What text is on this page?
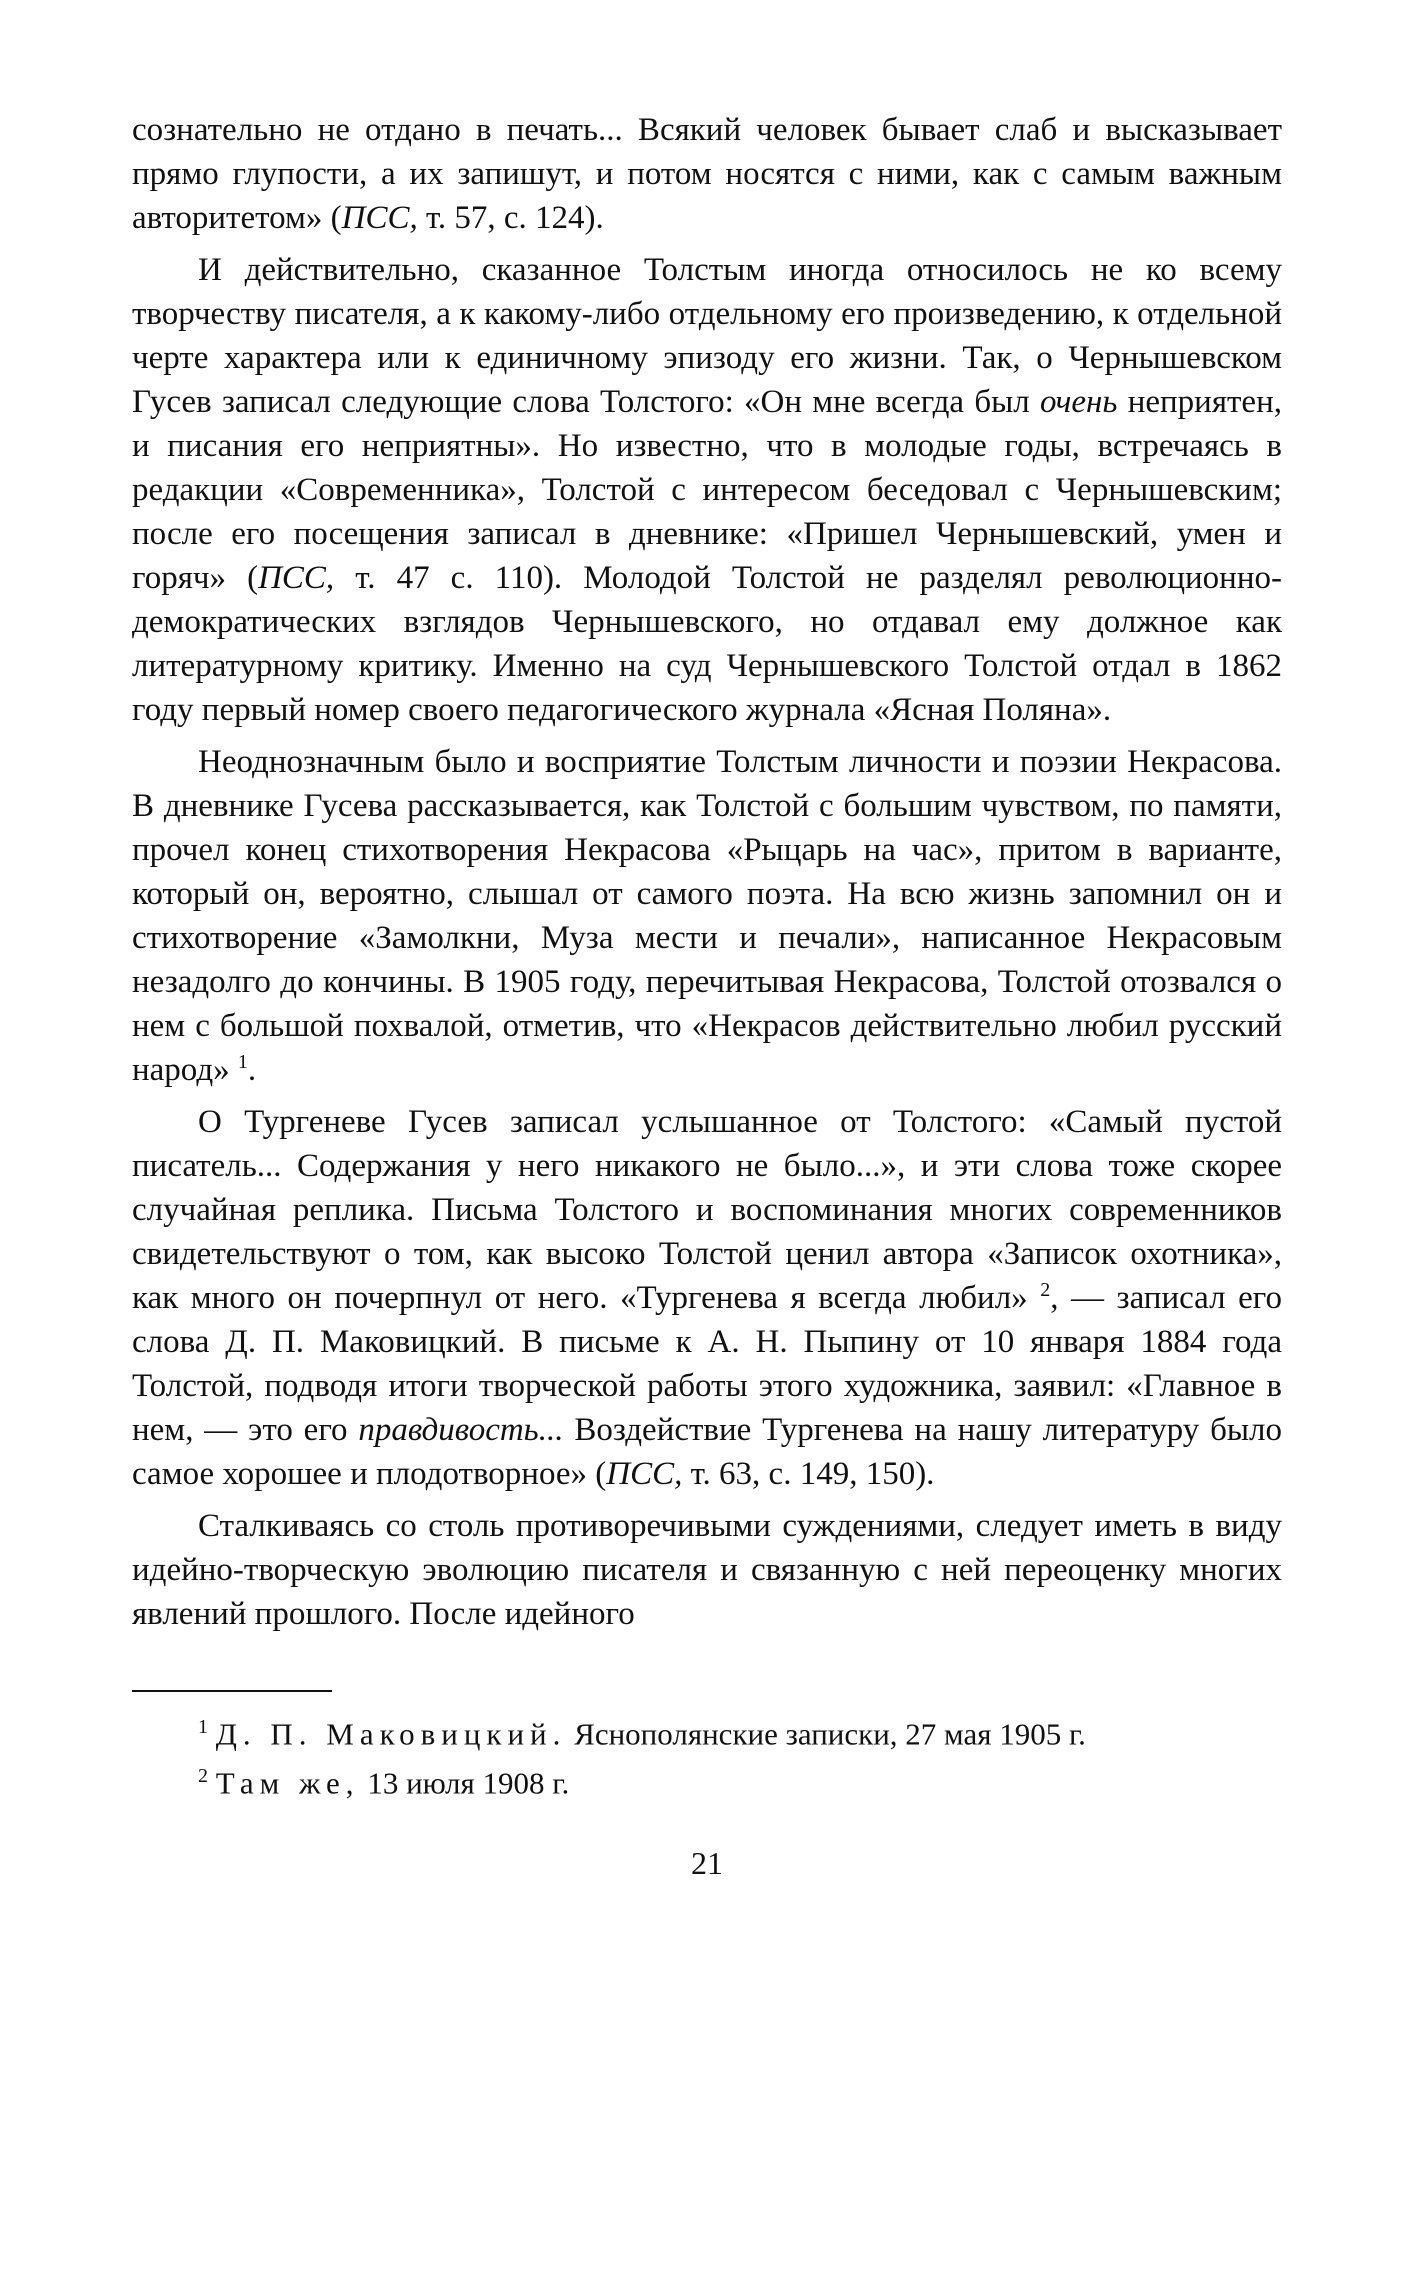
сознательно не отдано в печать... Всякий человек бывает слаб и высказывает прямо глупости, а их запишут, и потом носятся с ними, как с самым важным авторитетом» (ПСС, т. 57, с. 124).

И действительно, сказанное Толстым иногда относилось не ко всему творчеству писателя, а к какому-либо отдельному его произведению, к отдельной черте характера или к единичному эпизоду его жизни. Так, о Чернышевском Гусев записал следующие слова Толстого: «Он мне всегда был очень неприятен, и писания его неприятны». Но известно, что в молодые годы, встречаясь в редакции «Современника», Толстой с интересом беседовал с Чернышевским; после его посещения записал в дневнике: «Пришел Чернышевский, умен и горяч» (ПСС, т. 47 с. 110). Молодой Толстой не разделял революционно-демократических взглядов Чернышевского, но отдавал ему должное как литературному критику. Именно на суд Чернышевского Толстой отдал в 1862 году первый номер своего педагогического журнала «Ясная Поляна».

Неоднозначным было и восприятие Толстым личности и поэзии Некрасова. В дневнике Гусева рассказывается, как Толстой с большим чувством, по памяти, прочел конец стихотворения Некрасова «Рыцарь на час», притом в варианте, который он, вероятно, слышал от самого поэта. На всю жизнь запомнил он и стихотворение «Замолкни, Муза мести и печали», написанное Некрасовым незадолго до кончины. В 1905 году, перечитывая Некрасова, Толстой отозвался о нем с большой похвалой, отметив, что «Некрасов действительно любил русский народ» $^1$.

О Тургеневе Гусев записал услышанное от Толстого: «Самый пустой писатель... Содержания у него никакого не было...», и эти слова тоже скорее случайная реплика. Письма Толстого и воспоминания многих современников свидетельствуют о том, как высоко Толстой ценил автора «Записок охотника», как много он почерпнул от него. «Тургенева я всегда любил» $^2$, — записал его слова Д. П. Маковицкий. В письме к А. Н. Пыпину от 10 января 1884 года Толстой, подводя итоги творческой работы этого художника, заявил: «Главное в нем, — это его правдивость... Воздействие Тургенева на нашу литературу было самое хорошее и плодотворное» (ПСС, т. 63, с. 149, 150).

Сталкиваясь со столь противоречивыми суждениями, следует иметь в виду идейно-творческую эволюцию писателя и связанную с ней переоценку многих явлений прошлого. После идейного

$^1$ Д. П. Маковицкий. Яснополянские записки, 27 мая 1905 г.

$^2$ Там же, 13 июля 1908 г.

21
